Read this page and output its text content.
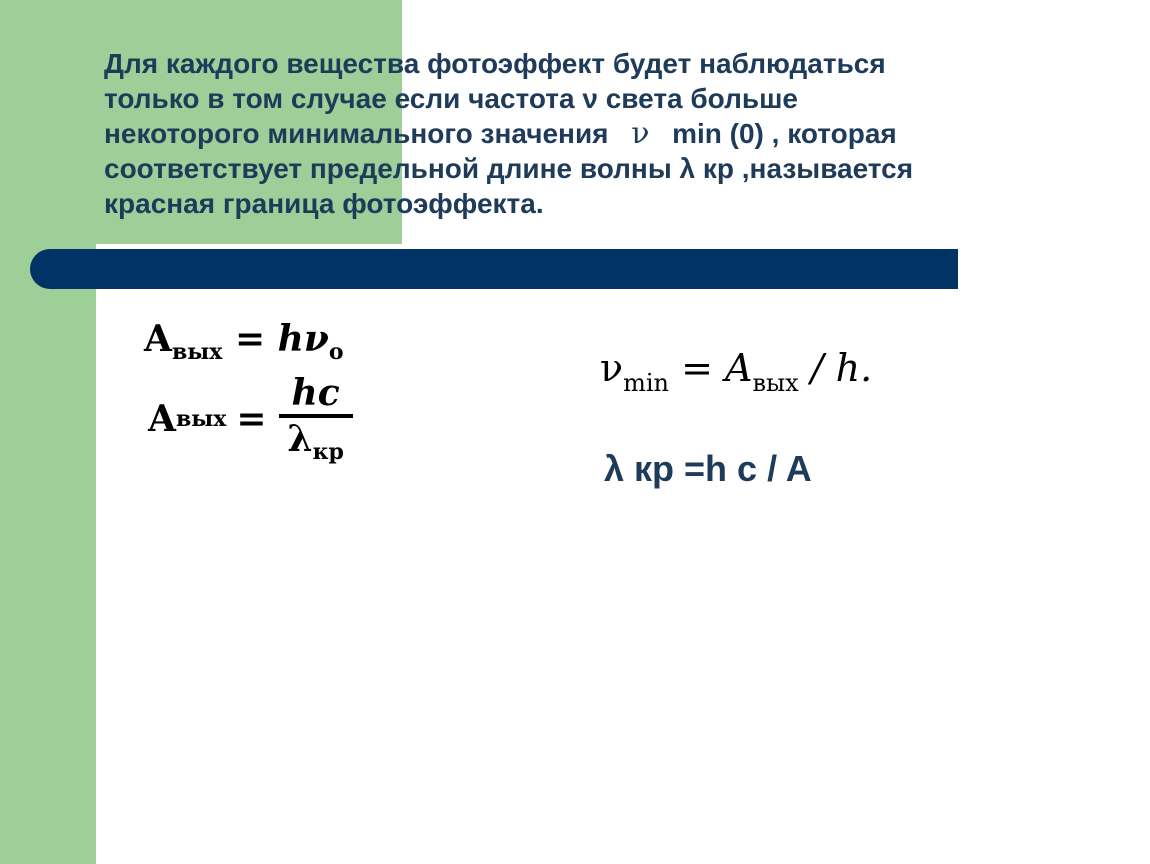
Для каждого вещества фотоэффект будет наблюдаться
только в том случае если частота ν света больше
некоторого минимального значения ν min (0) , которая
соответствует предельной длине волны λ кр ,называется
красная граница фотоэффекта.
$A_{вых} = h\nu_o$
A вых = $\frac{hc}{\lambda_{кр}}$
$\nu_{min} = A_{вых} / h$.
λ кр =h c / A
